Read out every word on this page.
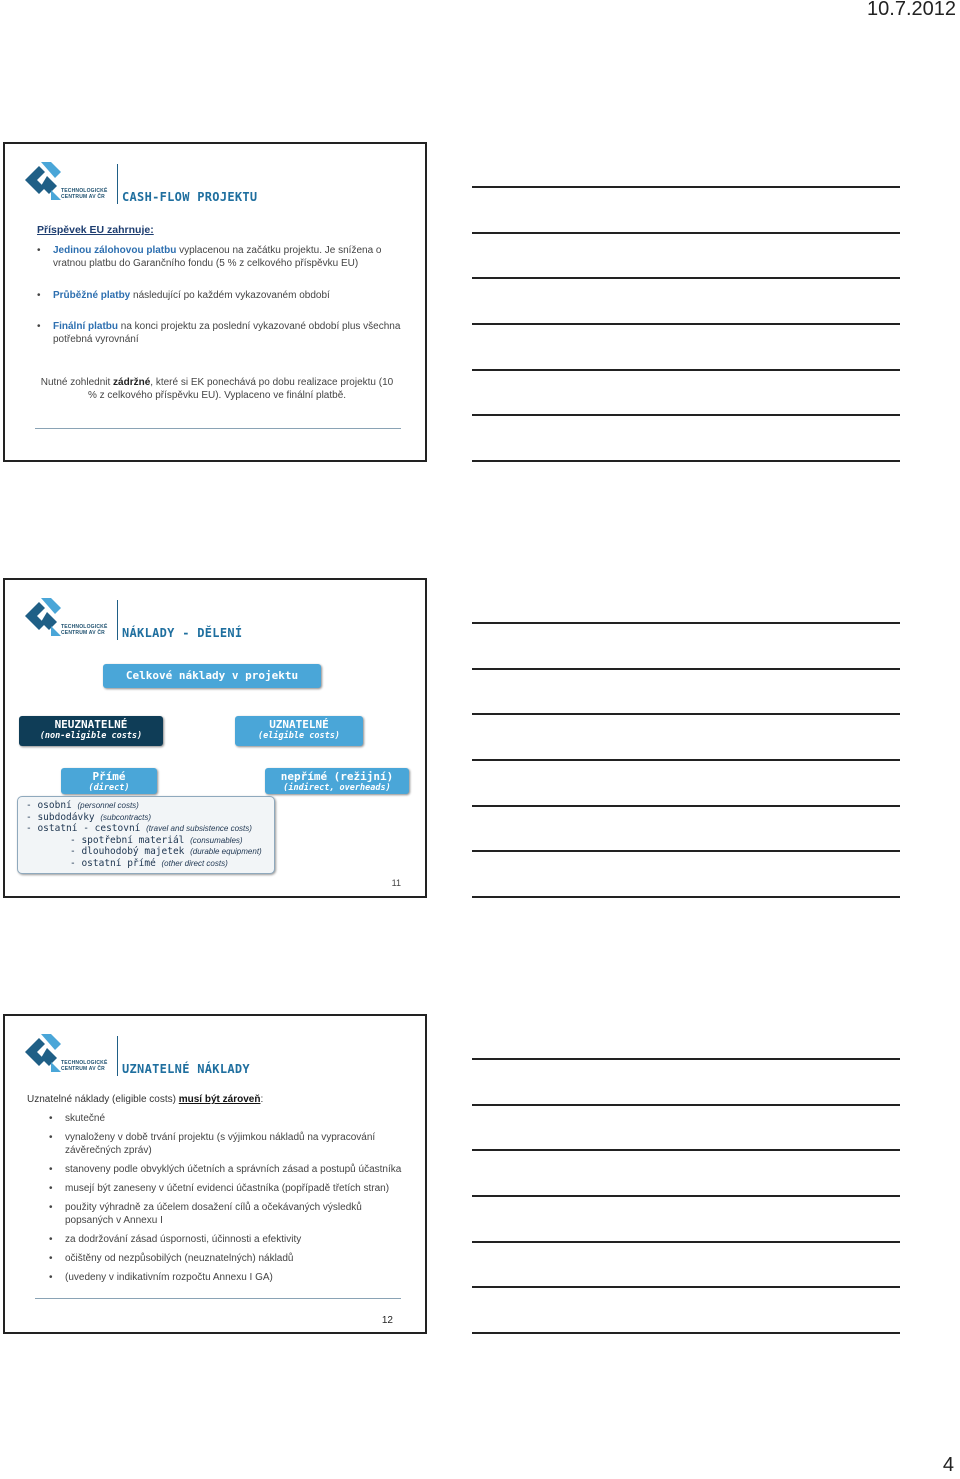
10.7.2012
TECHNOLOGICKÉ
CENTRUM AV ČR CASH-FLOW PROJEKTU
Příspěvek EU zahrnuje:
• Jedinou zálohovou platbu vyplacenou na začátku projektu. Je snížena o vratnou platbu do Garančního fondu (5 % z celkového příspěvku EU)
• Průběžné platby následující po každém vykazovaném období
• Finální platbu na konci projektu za poslední vykazované období plus všechna potřebná vyrovnání
Nutné zohlednit zádržné, které si EK ponechává po dobu realizace projektu (10 % z celkového příspěvku EU). Vyplaceno ve finální platbě.
TECHNOLOGICKÉ
CENTRUM AV ČR NÁKLADY - DĚLENÍ
Celkové náklady v projektu
NEUZNATELNÉ
(non-eligible costs)
UZNATELNÉ
(eligible costs)
Přímé
(direct)
nepřímé (režijní)
(indirect, overheads)
- osobní (personnel costs)
- subdodávky (subcontracts)
- ostatní - cestovní (travel and subsistence costs)
- spotřební materiál (consumables)
- dlouhodobý majetek (durable equipment)
- ostatní přímé (other direct costs)
11
TECHNOLOGICKÉ
CENTRUM AV ČR UZNATELNÉ NÁKLADY
Uznatelné náklady (eligible costs) musí být zároveň:
• skutečné
• vynaloženy v době trvání projektu (s výjimkou nákladů na vypracování závěrečných zpráv)
• stanoveny podle obvyklých účetních a správních zásad a postupů účastníka
• musejí být zaneseny v účetní evidenci účastníka (popřípadě třetích stran)
• použity výhradně za účelem dosažení cílů a očekávaných výsledků popsaných v Annexu I
• za dodržování zásad úspornosti, účinnosti a efektivity
• očištěny od nezpůsobilých (neuznatelných) nákladů
• (uvedeny v indikativním rozpočtu Annexu I GA)
12
4
